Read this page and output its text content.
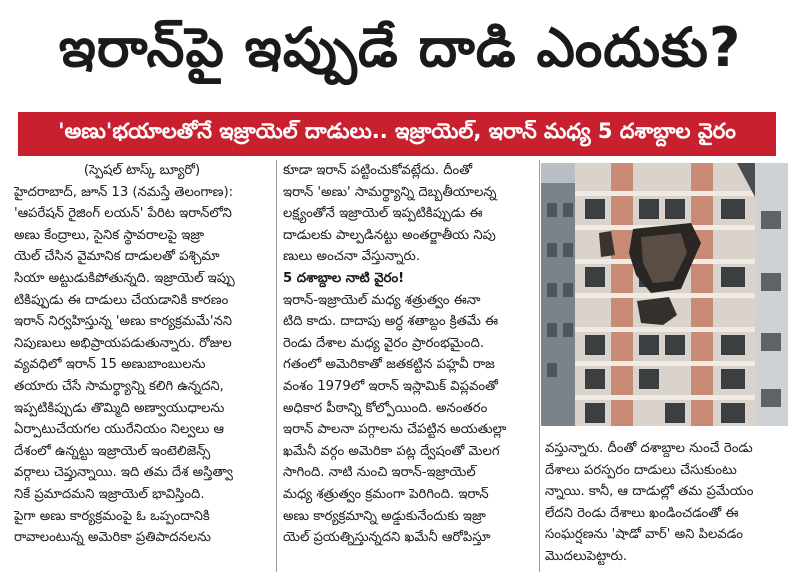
ఇరాన్‌పై ఇప్పుడే దాడి ఎందుకు?
'అణు'భయాలతోనే ఇజ్రాయెల్ దాడులు.. ఇజ్రాయెల్, ఇరాన్ మధ్య 5 దశాబ్దాల వైరం
(స్పెషల్ టాస్క్ బ్యూరో)
హైదరాబాద్, జూన్ 13 (నమస్తే తెలంగాణ):
'ఆపరేషన్ రైజింగ్ లయన్' పేరిట ఇరాన్‌లోని
అణు కేంద్రాలు, సైనిక స్థావరాలపై ఇజ్రా
యెల్ చేసిన వైమానిక దాడులతో పశ్చిమా
సియా అట్టుడుకిపోతున్నది. ఇజ్రాయెల్ ఇప్పు
టికిప్పుడు ఈ దాడులు చేయడానికి కారణం
ఇరాన్ నిర్వహిస్తున్న 'అణు కార్యక్రమమే'నని
నిపుణులు అభిప్రాయపడుతున్నారు. రోజుల
వ్యవధిలో ఇరాన్ 15 అణుబాంబులను
తయారు చేసే సామర్థ్యాన్ని కలిగి ఉన్నదని,
ఇప్పటికిప్పుడు తొమ్మిది అణ్వాయుధాలను
ఏర్పాటుచేయగల యురేనియం నిల్వలు ఆ
దేశంలో ఉన్నట్టు ఇజ్రాయెల్ ఇంటెలిజెన్స్
వర్గాలు చెప్తున్నాయి. ఇది తమ దేశ అస్తిత్వా
నికే ప్రమాదమని ఇజ్రాయెల్ భావిస్తింది.
పైగా అణు కార్యక్రమంపై ఓ ఒప్పందానికి
రావాలంటున్న అమెరికా ప్రతిపాదనలను
కూడా ఇరాన్ పట్టించుకోవట్లేదు. దీంతో
ఇరాన్ 'అణు' సామర్థ్యాన్ని దెబ్బతీయాలన్న
లక్ష్యంతోనే ఇజ్రాయెల్ ఇప్పటికిప్పుడు ఈ
దాడులకు పాల్పడినట్టు అంతర్జాతీయ నిపు
ణులు అంచనా వేస్తున్నారు.
5 దశాబ్దాల నాటి వైరం!
ఇరాన్-ఇజ్రాయెల్ మధ్య శత్రుత్వం ఈనా
టిది కాదు. దాదాపు అర్ధ శతాబ్దం క్రితమే ఈ
రెండు దేశాల మధ్య వైరం ప్రారంభమైంది.
గతంలో అమెరికాతో జతకట్టిన పహ్లవీ రాజ
వంశం 1979లో ఇరాన్ ఇస్లామిక్ విప్లవంతో
అధికార పీఠాన్ని కోల్పోయింది. అనంతరం
ఇరాన్ పాలనా పగ్గాలను చేపట్టిన అయతుల్లా
ఖమేనీ వర్గం అమెరికా పట్ల ద్వేషంతో మెలగ
సాగింది. నాటి నుంచి ఇరాన్-ఇజ్రాయెల్
మధ్య శత్రుత్వం క్రమంగా పెరిగింది. ఇరాన్
అణు కార్యక్రమాన్ని అడ్డుకునేందుకు ఇజ్రా
యెల్ ప్రయత్నిస్తున్నదని ఖమేనీ ఆరోపిస్తూ
వస్తున్నారు. దీంతో దశాబ్దాల నుంచే రెండు
దేశాలు పరస్పరం దాడులు చేసుకుంటు
న్నాయి. కానీ, ఆ దాడుల్లో తమ ప్రమేయం
లేదని రెండు దేశాలు ఖండించడంతో ఈ
సంఘర్షణను 'షాడో వార్' అని పిలవడం
మొదలుపెట్టారు.
